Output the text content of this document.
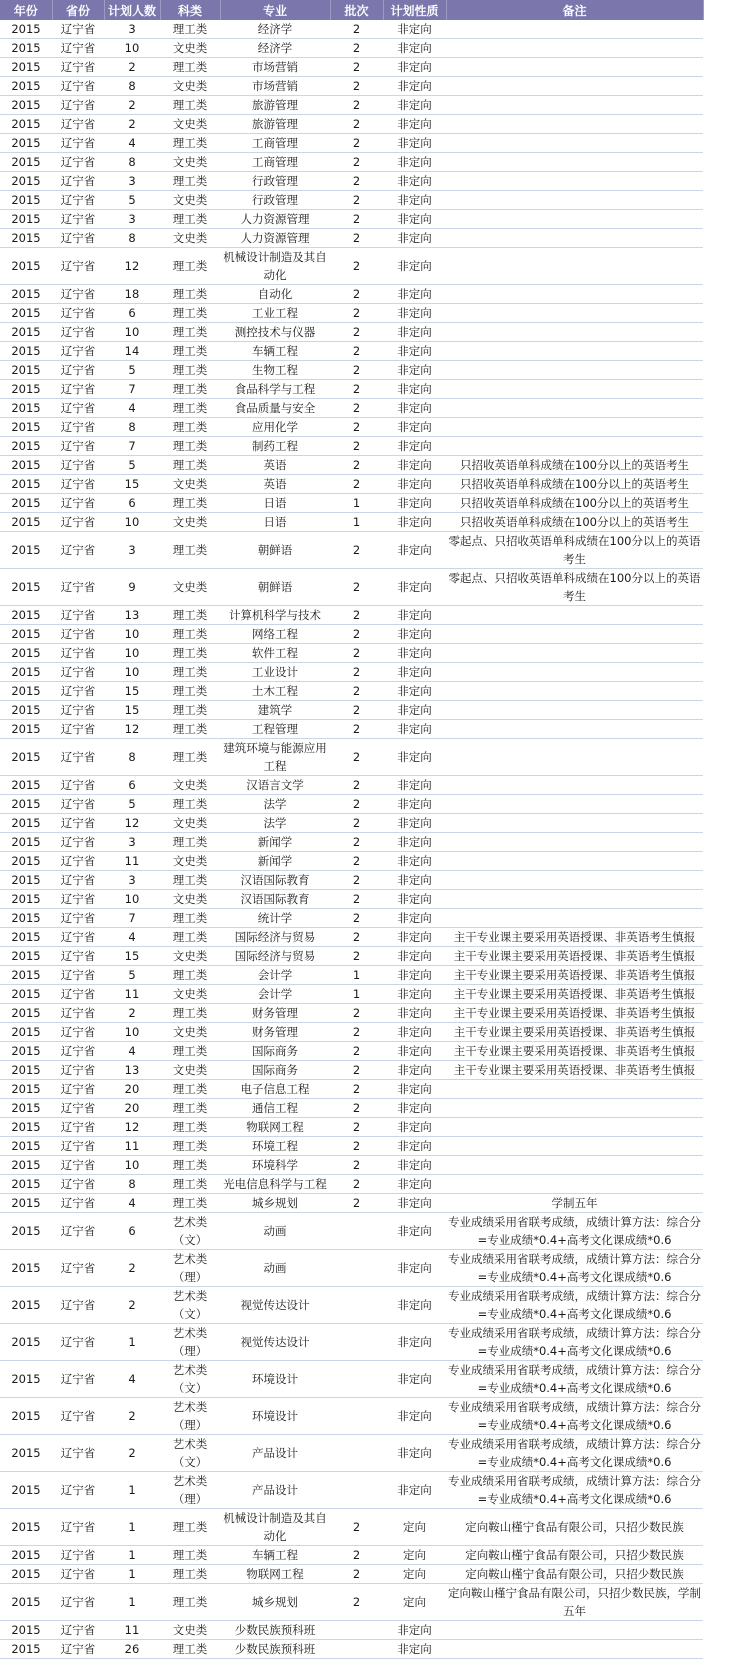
年份	省份	计划人数	科类	专业	批次	计划性质	备注
2015	辽宁省	3	理工类	经济学	2	非定向	
2015	辽宁省	10	文史类	经济学	2	非定向	
2015	辽宁省	2	理工类	市场营销	2	非定向	
2015	辽宁省	8	文史类	市场营销	2	非定向	
2015	辽宁省	2	理工类	旅游管理	2	非定向	
2015	辽宁省	2	文史类	旅游管理	2	非定向	
2015	辽宁省	4	理工类	工商管理	2	非定向	
2015	辽宁省	8	文史类	工商管理	2	非定向	
2015	辽宁省	3	理工类	行政管理	2	非定向	
2015	辽宁省	5	文史类	行政管理	2	非定向	
2015	辽宁省	3	理工类	人力资源管理	2	非定向	
2015	辽宁省	8	文史类	人力资源管理	2	非定向	
2015	辽宁省	12	理工类	机械设计制造及其自动化	2	非定向	
2015	辽宁省	18	理工类	自动化	2	非定向	
2015	辽宁省	6	理工类	工业工程	2	非定向	
2015	辽宁省	10	理工类	测控技术与仪器	2	非定向	
2015	辽宁省	14	理工类	车辆工程	2	非定向	
2015	辽宁省	5	理工类	生物工程	2	非定向	
2015	辽宁省	7	理工类	食品科学与工程	2	非定向	
2015	辽宁省	4	理工类	食品质量与安全	2	非定向	
2015	辽宁省	8	理工类	应用化学	2	非定向	
2015	辽宁省	7	理工类	制药工程	2	非定向	
2015	辽宁省	5	理工类	英语	2	非定向	只招收英语单科成绩在100分以上的英语考生
2015	辽宁省	15	文史类	英语	2	非定向	只招收英语单科成绩在100分以上的英语考生
2015	辽宁省	6	理工类	日语	1	非定向	只招收英语单科成绩在100分以上的英语考生
2015	辽宁省	10	文史类	日语	1	非定向	只招收英语单科成绩在100分以上的英语考生
2015	辽宁省	3	理工类	朝鲜语	2	非定向	零起点、只招收英语单科成绩在100分以上的英语考生
2015	辽宁省	9	文史类	朝鲜语	2	非定向	零起点、只招收英语单科成绩在100分以上的英语考生
2015	辽宁省	13	理工类	计算机科学与技术	2	非定向	
2015	辽宁省	10	理工类	网络工程	2	非定向	
2015	辽宁省	10	理工类	软件工程	2	非定向	
2015	辽宁省	10	理工类	工业设计	2	非定向	
2015	辽宁省	15	理工类	土木工程	2	非定向	
2015	辽宁省	15	理工类	建筑学	2	非定向	
2015	辽宁省	12	理工类	工程管理	2	非定向	
2015	辽宁省	8	理工类	建筑环境与能源应用工程	2	非定向	
2015	辽宁省	6	文史类	汉语言文学	2	非定向	
2015	辽宁省	5	理工类	法学	2	非定向	
2015	辽宁省	12	文史类	法学	2	非定向	
2015	辽宁省	3	理工类	新闻学	2	非定向	
2015	辽宁省	11	文史类	新闻学	2	非定向	
2015	辽宁省	3	理工类	汉语国际教育	2	非定向	
2015	辽宁省	10	文史类	汉语国际教育	2	非定向	
2015	辽宁省	7	理工类	统计学	2	非定向	
2015	辽宁省	4	理工类	国际经济与贸易	2	非定向	主干专业课主要采用英语授课、非英语考生慎报
2015	辽宁省	15	文史类	国际经济与贸易	2	非定向	主干专业课主要采用英语授课、非英语考生慎报
2015	辽宁省	5	理工类	会计学	1	非定向	主干专业课主要采用英语授课、非英语考生慎报
2015	辽宁省	11	文史类	会计学	1	非定向	主干专业课主要采用英语授课、非英语考生慎报
2015	辽宁省	2	理工类	财务管理	2	非定向	主干专业课主要采用英语授课、非英语考生慎报
2015	辽宁省	10	文史类	财务管理	2	非定向	主干专业课主要采用英语授课、非英语考生慎报
2015	辽宁省	4	理工类	国际商务	2	非定向	主干专业课主要采用英语授课、非英语考生慎报
2015	辽宁省	13	文史类	国际商务	2	非定向	主干专业课主要采用英语授课、非英语考生慎报
2015	辽宁省	20	理工类	电子信息工程	2	非定向	
2015	辽宁省	20	理工类	通信工程	2	非定向	
2015	辽宁省	12	理工类	物联网工程	2	非定向	
2015	辽宁省	11	理工类	环境工程	2	非定向	
2015	辽宁省	10	理工类	环境科学	2	非定向	
2015	辽宁省	8	理工类	光电信息科学与工程	2	非定向	
2015	辽宁省	4	理工类	城乡规划	2	非定向	学制五年
2015	辽宁省	6	艺术类（文）	动画		非定向	专业成绩采用省联考成绩，成绩计算方法：综合分=专业成绩*0.4+高考文化课成绩*0.6
2015	辽宁省	2	艺术类（理）	动画		非定向	专业成绩采用省联考成绩，成绩计算方法：综合分=专业成绩*0.4+高考文化课成绩*0.6
2015	辽宁省	2	艺术类（文）	视觉传达设计		非定向	专业成绩采用省联考成绩，成绩计算方法：综合分=专业成绩*0.4+高考文化课成绩*0.6
2015	辽宁省	1	艺术类（理）	视觉传达设计		非定向	专业成绩采用省联考成绩，成绩计算方法：综合分=专业成绩*0.4+高考文化课成绩*0.6
2015	辽宁省	4	艺术类（文）	环境设计		非定向	专业成绩采用省联考成绩，成绩计算方法：综合分=专业成绩*0.4+高考文化课成绩*0.6
2015	辽宁省	2	艺术类（理）	环境设计		非定向	专业成绩采用省联考成绩，成绩计算方法：综合分=专业成绩*0.4+高考文化课成绩*0.6
2015	辽宁省	2	艺术类（文）	产品设计		非定向	专业成绩采用省联考成绩，成绩计算方法：综合分=专业成绩*0.4+高考文化课成绩*0.6
2015	辽宁省	1	艺术类（理）	产品设计		非定向	专业成绩采用省联考成绩，成绩计算方法：综合分=专业成绩*0.4+高考文化课成绩*0.6
2015	辽宁省	1	理工类	机械设计制造及其自动化	2	定向	定向鞍山槿宁食品有限公司，只招少数民族
2015	辽宁省	1	理工类	车辆工程	2	定向	定向鞍山槿宁食品有限公司，只招少数民族
2015	辽宁省	1	理工类	物联网工程	2	定向	定向鞍山槿宁食品有限公司，只招少数民族
2015	辽宁省	1	理工类	城乡规划	2	定向	定向鞍山槿宁食品有限公司，只招少数民族，学制五年
2015	辽宁省	11	文史类	少数民族预科班		非定向	
2015	辽宁省	26	理工类	少数民族预科班		非定向	
